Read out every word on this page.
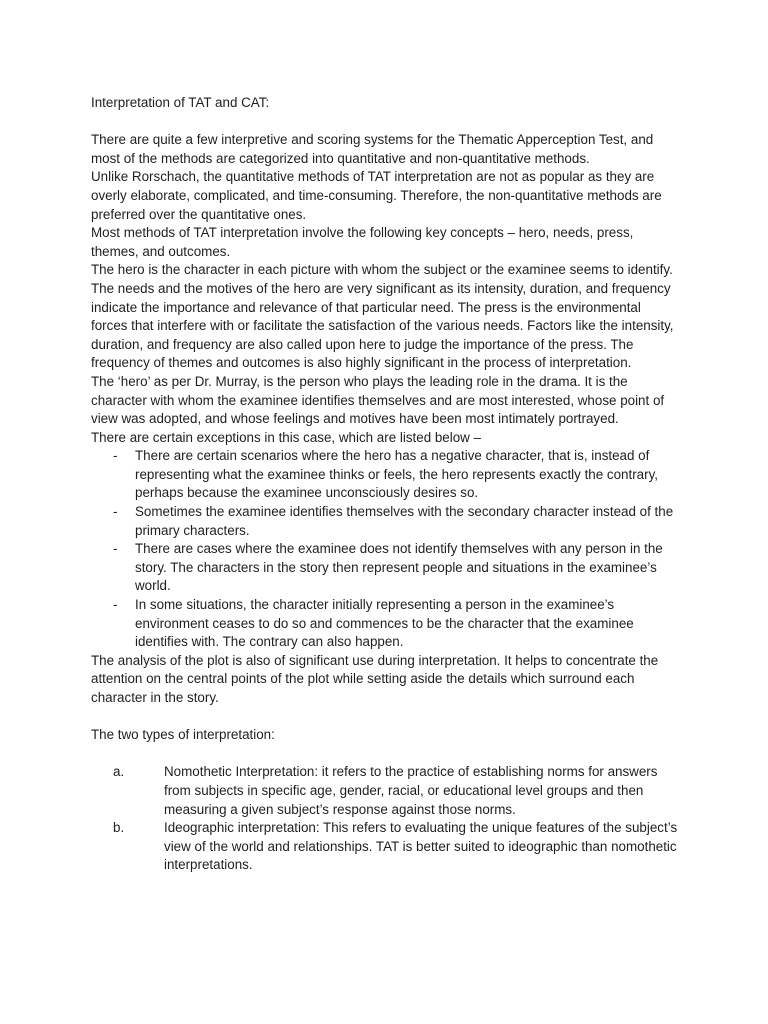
Interpretation of TAT and CAT:

There are quite a few interpretive and scoring systems for the Thematic Apperception Test, and most of the methods are categorized into quantitative and non-quantitative methods.

Unlike Rorschach, the quantitative methods of TAT interpretation are not as popular as they are overly elaborate, complicated, and time-consuming. Therefore, the non-quantitative methods are preferred over the quantitative ones.

Most methods of TAT interpretation involve the following key concepts – hero, needs, press, themes, and outcomes.

The hero is the character in each picture with whom the subject or the examinee seems to identify. The needs and the motives of the hero are very significant as its intensity, duration, and frequency indicate the importance and relevance of that particular need. The press is the environmental forces that interfere with or facilitate the satisfaction of the various needs. Factors like the intensity, duration, and frequency are also called upon here to judge the importance of the press. The frequency of themes and outcomes is also highly significant in the process of interpretation.

The ‘hero’ as per Dr. Murray, is the person who plays the leading role in the drama. It is the character with whom the examinee identifies themselves and are most interested, whose point of view was adopted, and whose feelings and motives have been most intimately portrayed.

There are certain exceptions in this case, which are listed below –

- There are certain scenarios where the hero has a negative character, that is, instead of representing what the examinee thinks or feels, the hero represents exactly the contrary, perhaps because the examinee unconsciously desires so.
- Sometimes the examinee identifies themselves with the secondary character instead of the primary characters.
- There are cases where the examinee does not identify themselves with any person in the story. The characters in the story then represent people and situations in the examinee’s world.
- In some situations, the character initially representing a person in the examinee’s environment ceases to do so and commences to be the character that the examinee identifies with. The contrary can also happen.

The analysis of the plot is also of significant use during interpretation. It helps to concentrate the attention on the central points of the plot while setting aside the details which surround each character in the story.

The two types of interpretation:

a.	Nomothetic Interpretation: it refers to the practice of establishing norms for answers from subjects in specific age, gender, racial, or educational level groups and then measuring a given subject’s response against those norms.
b.	Ideographic interpretation: This refers to evaluating the unique features of the subject’s view of the world and relationships. TAT is better suited to ideographic than nomothetic interpretations.
